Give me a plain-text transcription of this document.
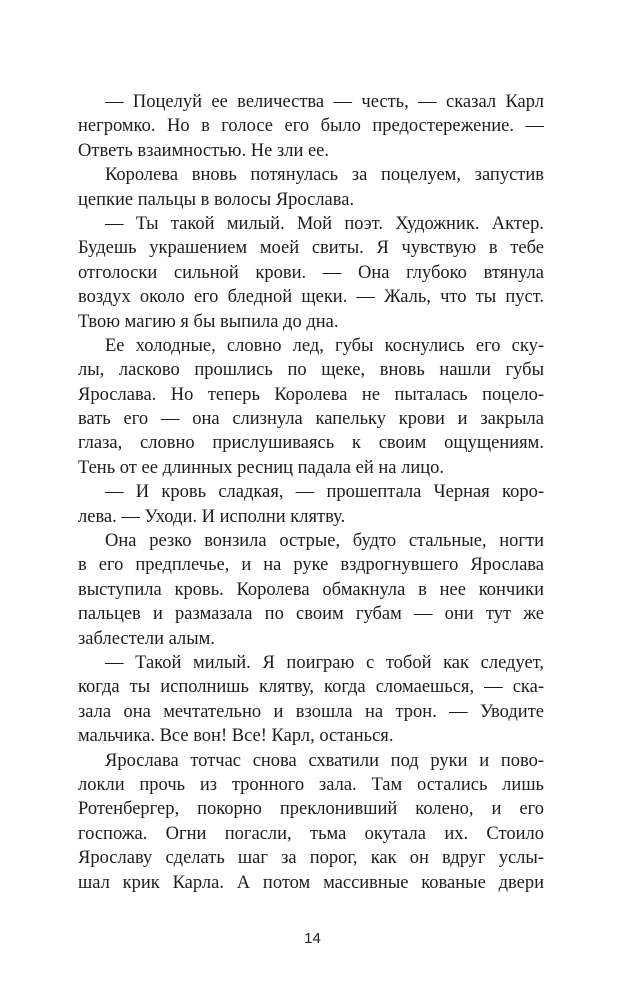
— Поцелуй ее величества — честь, — сказал Карл
негромко. Но в голосе его было предостережение. —
Ответь взаимностью. Не зли ее.
Королева вновь потянулась за поцелуем, запустив
цепкие пальцы в волосы Ярослава.
— Ты такой милый. Мой поэт. Художник. Актер.
Будешь украшением моей свиты. Я чувствую в тебе
отголоски сильной крови. — Она глубоко втянула
воздух около его бледной щеки. — Жаль, что ты пуст.
Твою магию я бы выпила до дна.
Ее холодные, словно лед, губы коснулись его ску-
лы, ласково прошлись по щеке, вновь нашли губы
Ярослава. Но теперь Королева не пыталась поцело-
вать его — она слизнула капельку крови и закрыла
глаза, словно прислушиваясь к своим ощущениям.
Тень от ее длинных ресниц падала ей на лицо.
— И кровь сладкая, — прошептала Черная коро-
лева. — Уходи. И исполни клятву.
Она резко вонзила острые, будто стальные, ногти
в его предплечье, и на руке вздрогнувшего Ярослава
выступила кровь. Королева обмакнула в нее кончики
пальцев и размазала по своим губам — они тут же
заблестели алым.
— Такой милый. Я поиграю с тобой как следует,
когда ты исполнишь клятву, когда сломаешься, — ска-
зала она мечтательно и взошла на трон. — Уводите
мальчика. Все вон! Все! Карл, останься.
Ярослава тотчас снова схватили под руки и пово-
локли прочь из тронного зала. Там остались лишь
Ротенбергер, покорно преклонивший колено, и его
госпожа. Огни погасли, тьма окутала их. Стоило
Ярославу сделать шаг за порог, как он вдруг услы-
шал крик Карла. А потом массивные кованые двери
14
